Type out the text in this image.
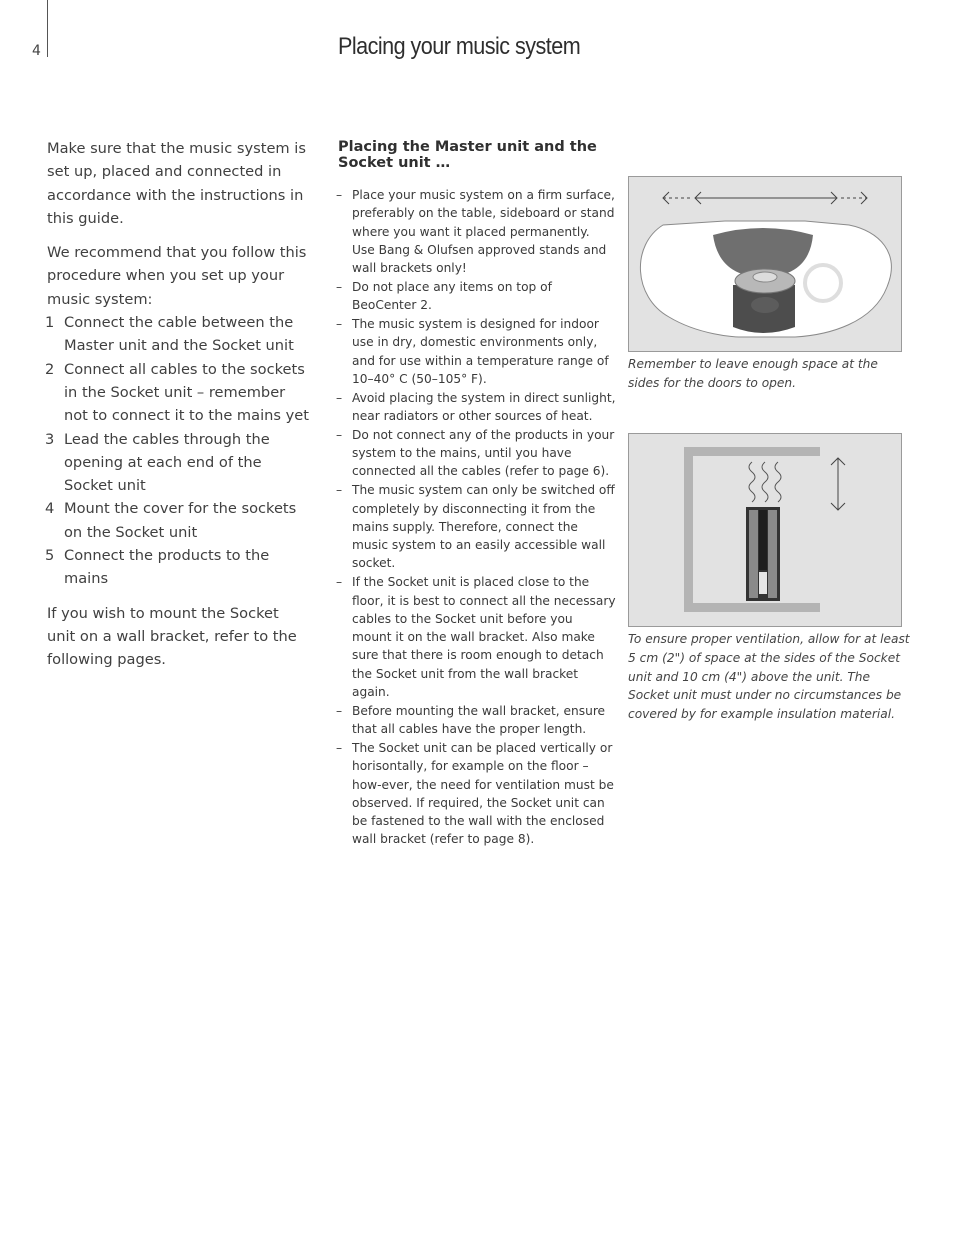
4	Placing your music system

Make sure that the music system is set up, placed and connected in accordance with the instructions in this guide.

We recommend that you follow this procedure when you set up your music system:

1 Connect the cable between the Master unit and the Socket unit
2 Connect all cables to the sockets in the Socket unit – remember not to connect it to the mains yet
3 Lead the cables through the opening at each end of the Socket unit
4 Mount the cover for the sockets on the Socket unit
5 Connect the products to the mains

If you wish to mount the Socket unit on a wall bracket, refer to the following pages.

Placing the Master unit and the Socket unit …
– Place your music system on a firm surface, preferably on the table, sideboard or stand where you want it placed permanently. Use Bang & Olufsen approved stands and wall brackets only!
– Do not place any items on top of BeoCenter 2.
– The music system is designed for indoor use in dry, domestic environments only, and for use within a temperature range of 10–40° C (50–105° F).
– Avoid placing the system in direct sunlight, near radiators or other sources of heat.
– Do not connect any of the products in your system to the mains, until you have connected all the cables (refer to page 6).
– The music system can only be switched off completely by disconnecting it from the mains supply. Therefore, connect the music system to an easily accessible wall socket.
– If the Socket unit is placed close to the floor, it is best to connect all the necessary cables to the Socket unit before you mount it on the wall bracket. Also make sure that there is room enough to detach the Socket unit from the wall bracket again.
– Before mounting the wall bracket, ensure that all cables have the proper length.
– The Socket unit can be placed vertically or horisontally, for example on the floor – how-ever, the need for ventilation must be observed. If required, the Socket unit can be fastened to the wall with the enclosed wall bracket (refer to page 8).

Remember to leave enough space at the sides for the doors to open.

To ensure proper ventilation, allow for at least 5 cm (2") of space at the sides of the Socket unit and 10 cm (4") above the unit. The Socket unit must under no circumstances be covered by for example insulation material.
